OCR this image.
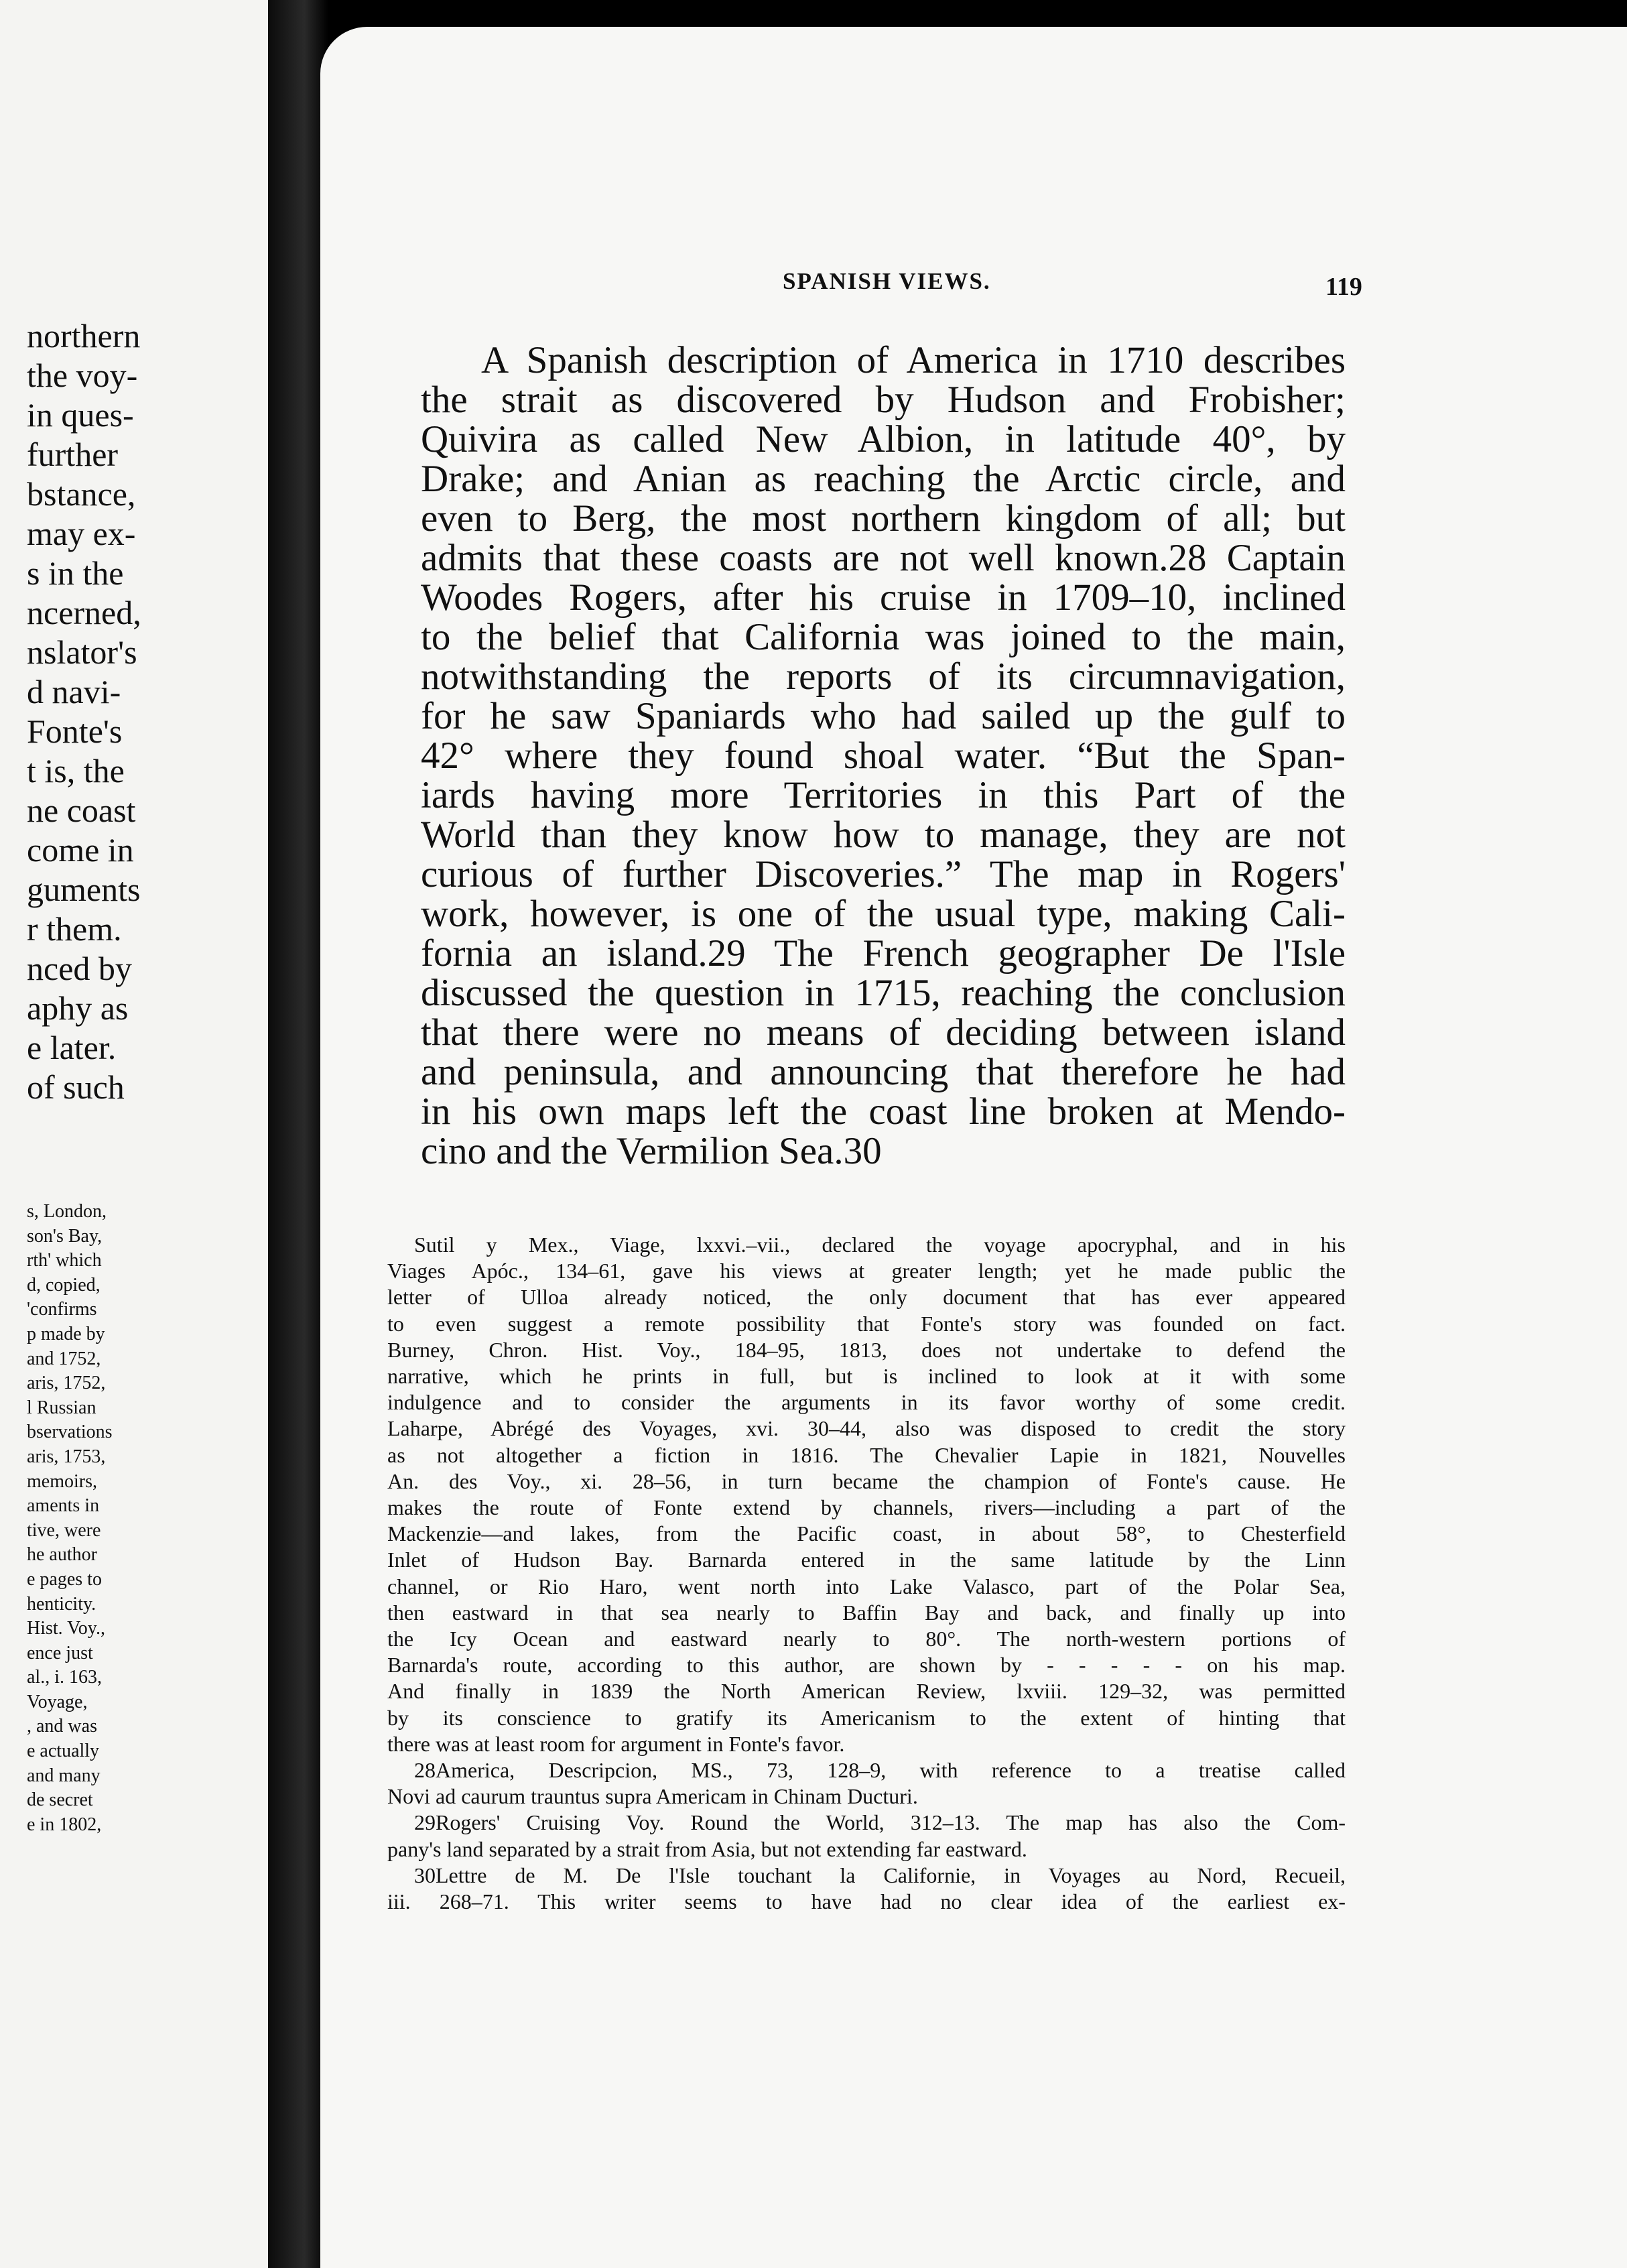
northern
the voy-
in ques-
further
bstance,
may ex-
s in the
ncerned,
nslator's
d navi-
Fonte's
t is, the
ne coast
come in
guments
r them.
nced by
aphy as
e later.
of such
s, London,
son's Bay,
rth' which
d, copied,
'confirms
p made by
and 1752,
aris, 1752,
l Russian
bservations
aris, 1753,
memoirs,
aments in
tive, were
he author
e pages to
henticity.
Hist. Voy.,
ence just
al., i. 163,
Voyage,
, and was
e actually
and many
de secret
e in 1802,
SPANISH VIEWS.	119
A Spanish description of America in 1710 describes
the strait as discovered by Hudson and Frobisher;
Quivira as called New Albion, in latitude 40°, by
Drake; and Anian as reaching the Arctic circle, and
even to Berg, the most northern kingdom of all; but
admits that these coasts are not well known.28 Captain
Woodes Rogers, after his cruise in 1709–10, inclined
to the belief that California was joined to the main,
notwithstanding the reports of its circumnavigation,
for he saw Spaniards who had sailed up the gulf to
42° where they found shoal water. “But the Span-
iards having more Territories in this Part of the
World than they know how to manage, they are not
curious of further Discoveries.” The map in Rogers'
work, however, is one of the usual type, making Cali-
fornia an island.29 The French geographer De l'Isle
discussed the question in 1715, reaching the conclusion
that there were no means of deciding between island
and peninsula, and announcing that therefore he had
in his own maps left the coast line broken at Mendo-
cino and the Vermilion Sea.30
Sutil y Mex., Viage, lxxvi.–vii., declared the voyage apocryphal, and in his
Viages Apóc., 134–61, gave his views at greater length; yet he made public the
letter of Ulloa already noticed, the only document that has ever appeared
to even suggest a remote possibility that Fonte's story was founded on fact.
Burney, Chron. Hist. Voy., 184–95, 1813, does not undertake to defend the
narrative, which he prints in full, but is inclined to look at it with some
indulgence and to consider the arguments in its favor worthy of some credit.
Laharpe, Abrégé des Voyages, xvi. 30–44, also was disposed to credit the story
as not altogether a fiction in 1816. The Chevalier Lapie in 1821, Nouvelles
An. des Voy., xi. 28–56, in turn became the champion of Fonte's cause. He
makes the route of Fonte extend by channels, rivers—including a part of the
Mackenzie—and lakes, from the Pacific coast, in about 58°, to Chesterfield
Inlet of Hudson Bay. Barnarda entered in the same latitude by the Linn
channel, or Rio Haro, went north into Lake Valasco, part of the Polar Sea,
then eastward in that sea nearly to Baffin Bay and back, and finally up into
the Icy Ocean and eastward nearly to 80°. The north-western portions of
Barnarda's route, according to this author, are shown by - - - - - on his map.
And finally in 1839 the North American Review, lxviii. 129–32, was permitted
by its conscience to gratify its Americanism to the extent of hinting that
there was at least room for argument in Fonte's favor.
28America, Descripcion, MS., 73, 128–9, with reference to a treatise called
Novi ad caurum trauntus supra Americam in Chinam Ducturi.
29Rogers' Cruising Voy. Round the World, 312–13. The map has also the Com-
pany's land separated by a strait from Asia, but not extending far eastward.
30Lettre de M. De l'Isle touchant la Californie, in Voyages au Nord, Recueil,
iii. 268–71. This writer seems to have had no clear idea of the earliest ex-
